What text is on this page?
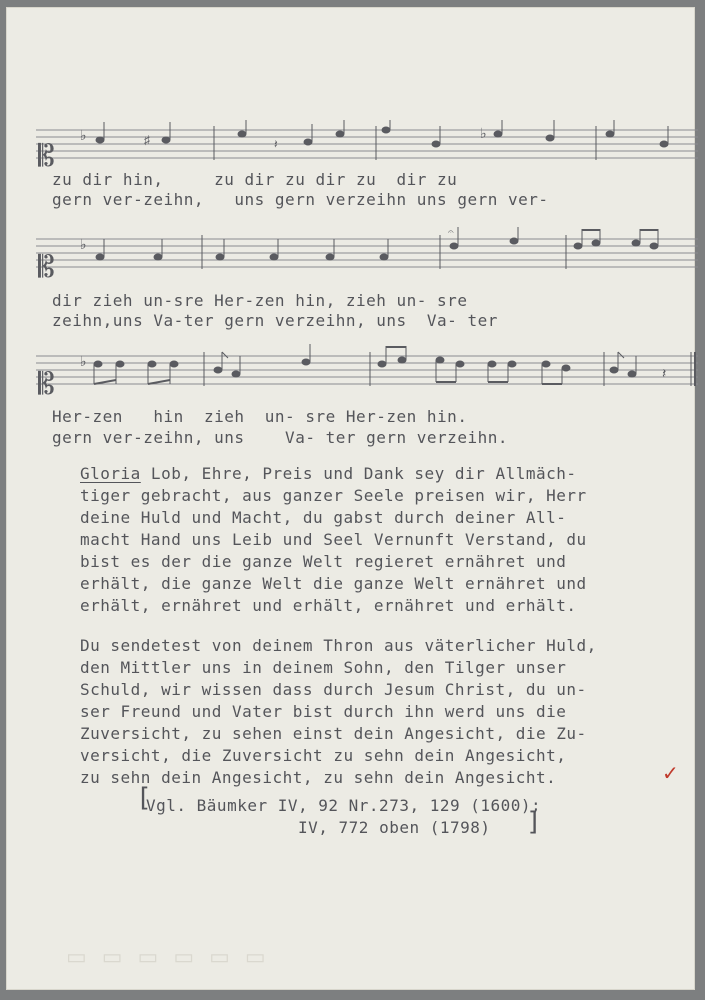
𝄡
♭	♯	𝄽
♭
zu dir hin,     zu dir zu dir zu  dir zu
gern ver-zeihn,   uns gern verzeihn uns gern ver-
𝄡
♭
𝄐
dir zieh un-sre Her-zen hin, zieh un- sre
zeihn,uns Va-ter gern verzeihn, uns  Va- ter
𝄡
♭
𝄽
Her-zen   hin  zieh  un- sre Her-zen hin.
gern ver-zeihn, uns    Va- ter gern verzeihn.
Gloria Lob, Ehre, Preis und Dank sey dir Allmäch-
tiger gebracht, aus ganzer Seele preisen wir, Herr
deine Huld und Macht, du gabst durch deiner All-
macht Hand uns Leib und Seel Vernunft Verstand, du
bist es der die ganze Welt regieret ernähret und
erhält, die ganze Welt die ganze Welt ernähret und
erhält, ernähret und erhält, ernähret und erhält.
Du sendetest von deinem Thron aus väterlicher Huld,
den Mittler uns in deinem Sohn, den Tilger unser
Schuld, wir wissen dass durch Jesum Christ, du un-
ser Freund und Vater bist durch ihn werd uns die
Zuversicht, zu sehen einst dein Angesicht, die Zu-
versicht, die Zuversicht zu sehn dein Angesicht,
zu sehn dein Angesicht, zu sehn dein Angesicht.	✓
[
Vgl. Bäumker IV, 92 Nr.273, 129 (1600);
IV, 772 oben (1798) ]
▭ ▭ ▭ ▭ ▭ ▭
